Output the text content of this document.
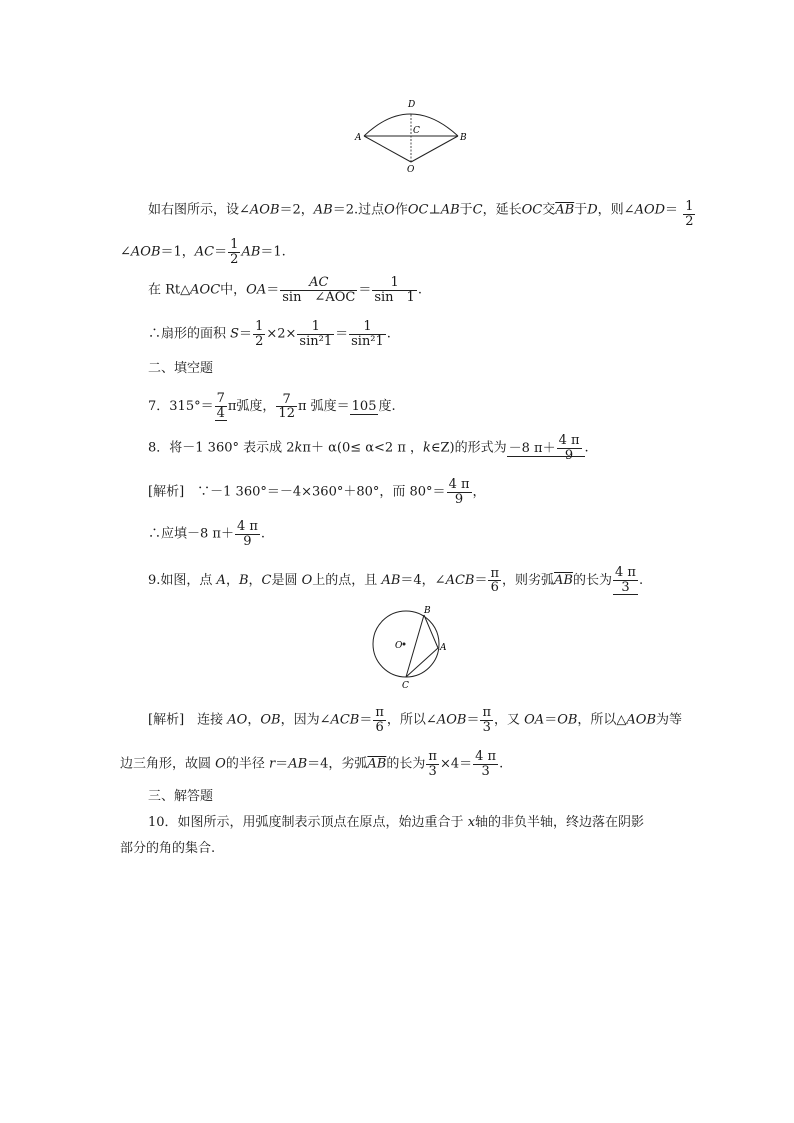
A	B
C
D
O
如右图所示，设∠AOB＝2，AB＝2.过点O作OC⊥AB于C，延长OC交$\overline{AB}$于D，则∠AOD＝ $\frac{1}{2}$
∠AOB＝1，$AC= \frac{1}{2} AB=1$.
在 Rt△AOC中，$OA= \frac{AC}{\text{sin　∠AOC}} = \frac{1}{\sin 1}$ .
∴扇形的面积 $S= \frac{1}{2} \times 2\times \frac{1}{\text{sin²1}} = \frac{1}{\text{sin²1}}$ .
二、填空题
7．$315^\circ= \frac{7}{4}$ π弧度， $\frac{7}{12}$ π 弧度＝ 105 度.
8．将－1 360° 表示成 2kπ＋ α(0≤ α<2 π ，k∈Z)的形式为 －8 $\pi+ \frac{4 \pi}{9}$ .
[解析]　∵－1 360°＝－4×360°＋80°，而 $80^\circ= \frac{4 \pi}{9}$ ，
∴应填－8 $\pi+ \frac{4 \pi}{9}$ .
9.如图，点 A，B，C是圆 O上的点，且 AB＝4，∠ACB＝ $\frac{\pi}{6}$ ，则劣弧$\overline{AB}$的长为 $\frac{4 \pi}{3}$ .
B
A
C
O
[解析]　连接 AO，OB，因为∠ACB＝ $\frac{\pi}{6}$ ，所以∠AOB＝ $\frac{\pi}{3}$ ，又 OA＝OB，所以△AOB为等
边三角形，故圆 O的半径 r＝AB＝4，劣弧$\overline{AB}$的长为 $\frac{\pi}{3} \times 4= \frac{4 \pi}{3}$ .
三、解答题
10．如图所示，用弧度制表示顶点在原点，始边重合于 x轴的非负半轴，终边落在阴影
部分的角的集合.
